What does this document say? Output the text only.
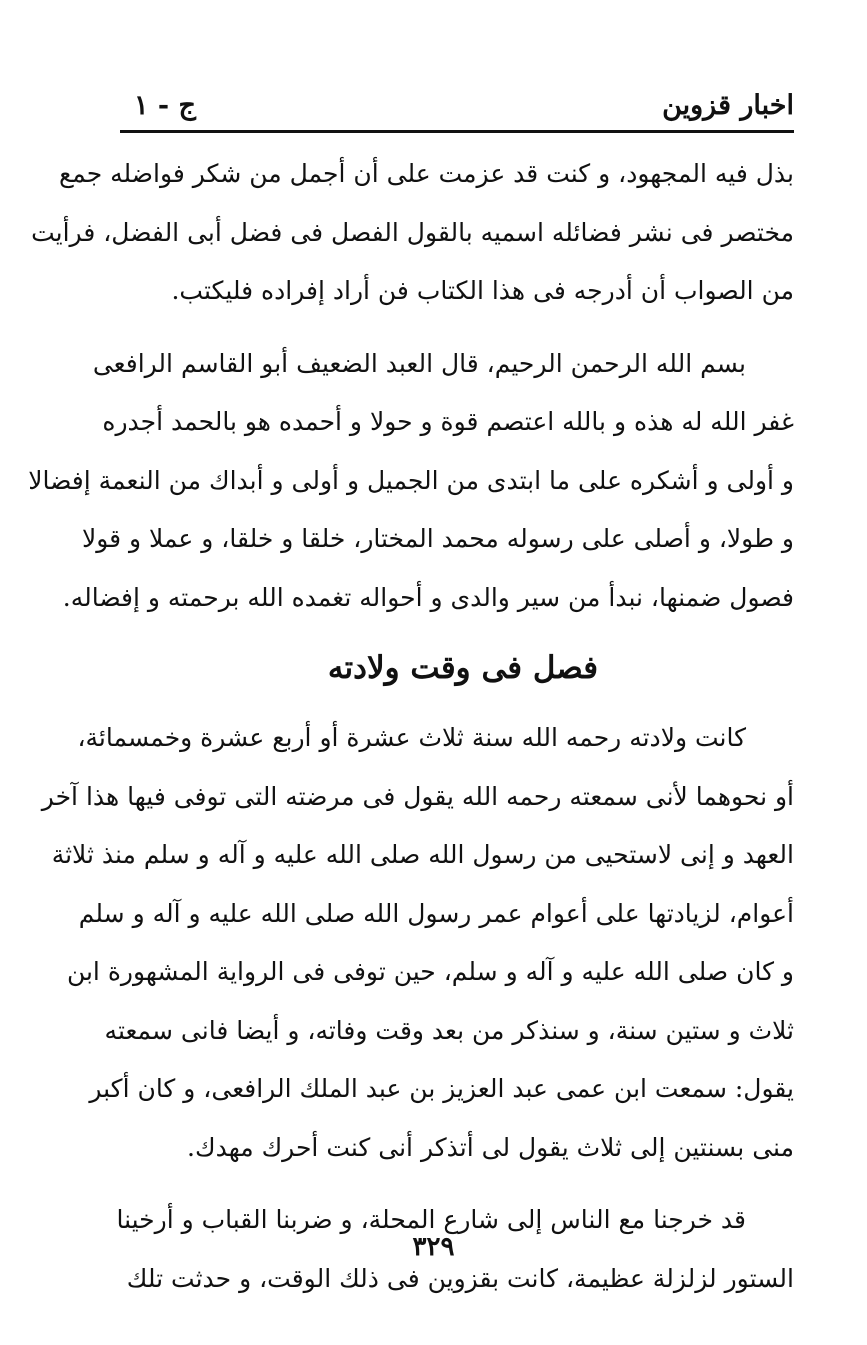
اخبار قزوين
ج - ١
بذل فيه المجهود، و كنت قد عزمت على أن أجمل من شكر فواضله جمع
مختصر فى نشر فضائله اسميه بالقول الفصل فى فضل أبى الفضل، فرأيت
من الصواب أن أدرجه فى هذا الكتاب فن أراد إفراده فليكتب.
بسم الله الرحمن الرحيم، قال العبد الضعيف أبو القاسم الرافعى
غفر الله له هذه و بالله اعتصم قوة و حولا و أحمده هو بالحمد أجدره
و أولى و أشكره على ما ابتدى من الجميل و أولى و أبداك من النعمة إفضالا
و طولا، و أصلى على رسوله محمد المختار، خلقا و خلقا، و عملا و قولا
فصول ضمنها، نبدأ من سير والدى و أحواله تغمده الله برحمته و إفضاله.
فصل فى وقت ولادته
كانت ولادته رحمه الله سنة ثلاث عشرة أو أربع عشرة وخمسمائة،
أو نحوهما لأنى سمعته رحمه الله يقول فى مرضته التى توفى فيها هذا آخر
العهد و إنى لاستحيى من رسول الله صلى الله عليه و آله و سلم منذ ثلاثة
أعوام، لزيادتها على أعوام عمر رسول الله صلى الله عليه و آله و سلم
و كان صلى الله عليه و آله و سلم، حين توفى فى الرواية المشهورة ابن
ثلاث و ستين سنة، و سنذكر من بعد وقت وفاته، و أيضا فانى سمعته
يقول: سمعت ابن عمى عبد العزيز بن عبد الملك الرافعى، و كان أكبر
منى بسنتين إلى ثلاث يقول لى أتذكر أنى كنت أحرك مهدك.
قد خرجنا مع الناس إلى شارع المحلة، و ضربنا القباب و أرخينا
الستور لزلزلة عظيمة، كانت بقزوين فى ذلك الوقت، و حدثت تلك
٣٢٩
